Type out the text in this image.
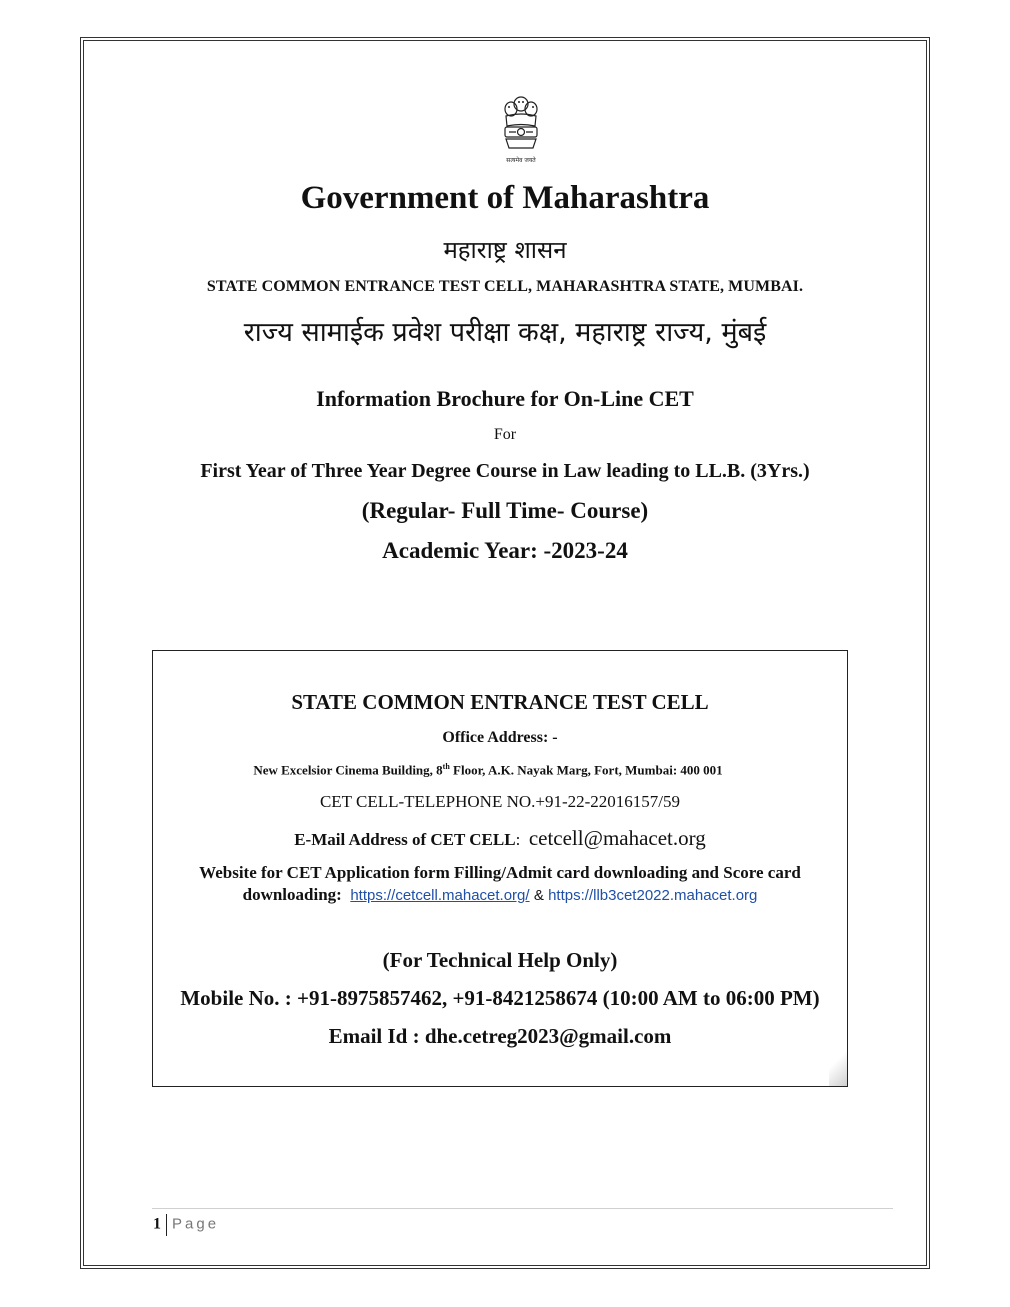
सत्यमेव जयते
Government of Maharashtra
महाराष्ट्र शासन
STATE COMMON ENTRANCE TEST CELL, MAHARASHTRA STATE, MUMBAI.
राज्य सामाईक प्रवेश परीक्षा कक्ष, महाराष्ट्र राज्य, मुंबई
Information Brochure for On-Line CET
For
First Year of Three Year Degree Course in Law leading to LL.B. (3Yrs.)
(Regular- Full Time- Course)
Academic Year: -2023-24
STATE COMMON ENTRANCE TEST CELL
Office Address: -
New Excelsior Cinema Building, 8th Floor, A.K. Nayak Marg, Fort, Mumbai: 400 001
CET CELL-TELEPHONE NO.+91-22-22016157/59
E-Mail Address of CET CELL: cetcell@mahacet.org
Website for CET Application form Filling/Admit card downloading and Score card
downloading: https://cetcell.mahacet.org/ & https://llb3cet2022.mahacet.org
(For Technical Help Only)
Mobile No. : +91-8975857462, +91-8421258674 (10:00 AM to 06:00 PM)
Email Id : dhe.cetreg2023@gmail.com
1 Page
